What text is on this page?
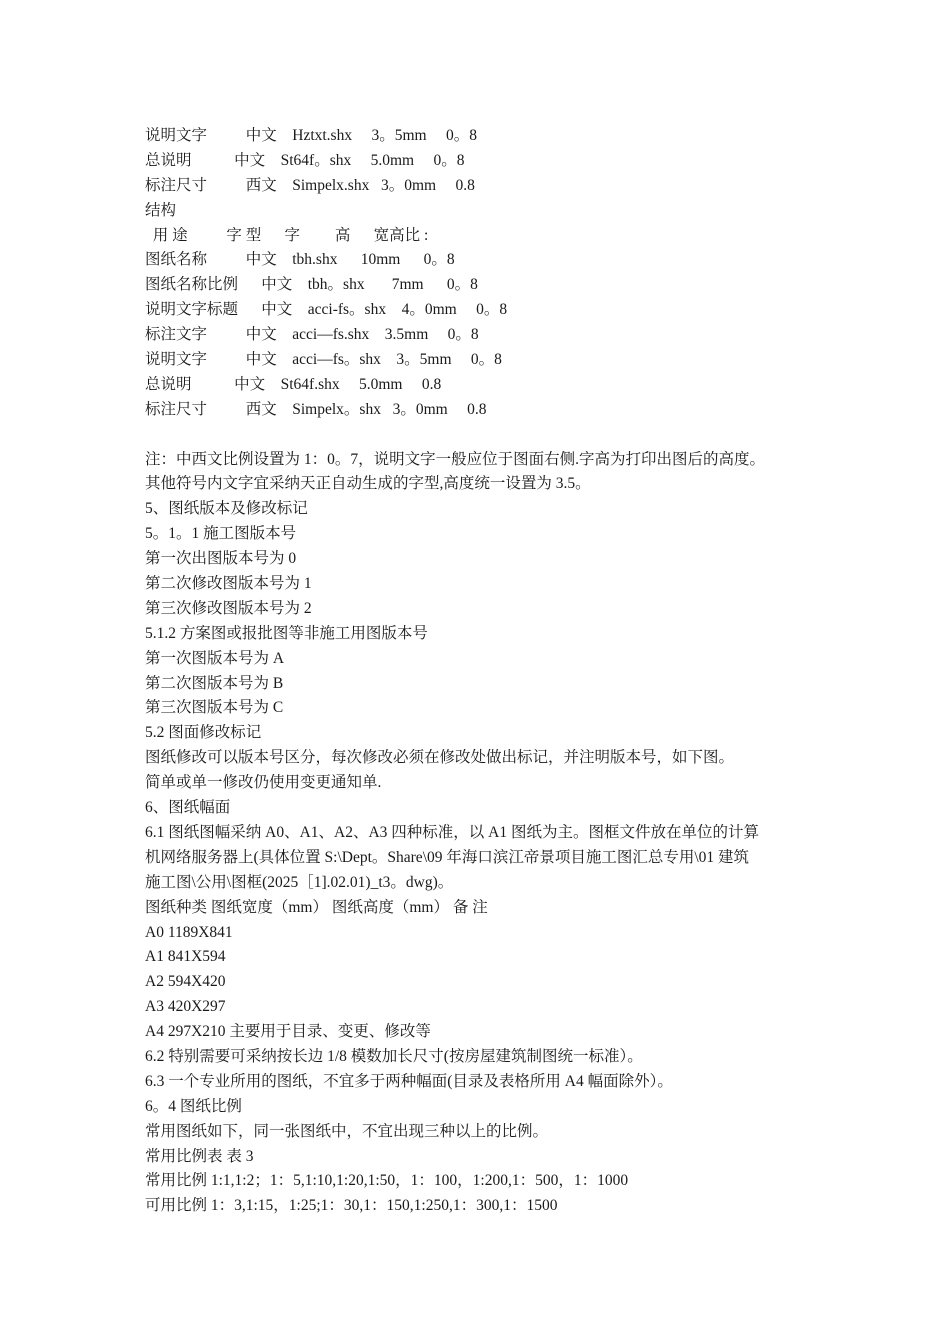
说明文字          中文    Hztxt.shx     3。5mm     0。8
总说明           中文    St64f。shx     5.0mm     0。8
标注尺寸          西文    Simpelx.shx   3。0mm     0.8
结构
用 途          字 型      字         高      宽高比 :
图纸名称          中文    tbh.shx      10mm      0。8
图纸名称比例      中文    tbh。shx       7mm      0。8
说明文字标题      中文    acci-fs。shx    4。0mm     0。8
标注文字          中文    acci—fs.shx    3.5mm     0。8
说明文字          中文    acci—fs。shx    3。5mm     0。8
总说明           中文    St64f.shx     5.0mm     0.8
标注尺寸          西文    Simpelx。shx   3。0mm     0.8
注：中西文比例设置为 1：0。7，说明文字一般应位于图面右侧.字高为打印出图后的高度。
其他符号内文字宜采纳天正自动生成的字型,高度统一设置为 3.5。
5、图纸版本及修改标记
5。1。1 施工图版本号
第一次出图版本号为 0
第二次修改图版本号为 1
第三次修改图版本号为 2
5.1.2 方案图或报批图等非施工用图版本号
第一次图版本号为 A
第二次图版本号为 B
第三次图版本号为 C
5.2 图面修改标记
图纸修改可以版本号区分，每次修改必须在修改处做出标记，并注明版本号，如下图。
简单或单一修改仍使用变更通知单.
6、图纸幅面
6.1 图纸图幅采纳 A0、A1、A2、A3 四种标准，以 A1 图纸为主。图框文件放在单位的计算
机网络服务器上(具体位置 S:\Dept。Share\09 年海口滨江帝景项目施工图汇总专用\01 建筑
施工图\公用\图框(2025［1].02.01)_t3。dwg)。
图纸种类 图纸宽度（mm） 图纸高度（mm） 备 注
A0 1189X841
A1 841X594
A2 594X420
A3 420X297
A4 297X210 主要用于目录、变更、修改等
6.2 特别需要可采纳按长边 1/8 模数加长尺寸(按房屋建筑制图统一标准）。
6.3 一个专业所用的图纸，不宜多于两种幅面(目录及表格所用 A4 幅面除外）。
6。4 图纸比例
常用图纸如下，同一张图纸中，不宜出现三种以上的比例。
常用比例表 表 3
常用比例 1:1,1:2；1：5,1:10,1:20,1:50，1：100，1:200,1：500，1：1000
可用比例 1：3,1:15，1:25;1：30,1：150,1:250,1：300,1：1500
